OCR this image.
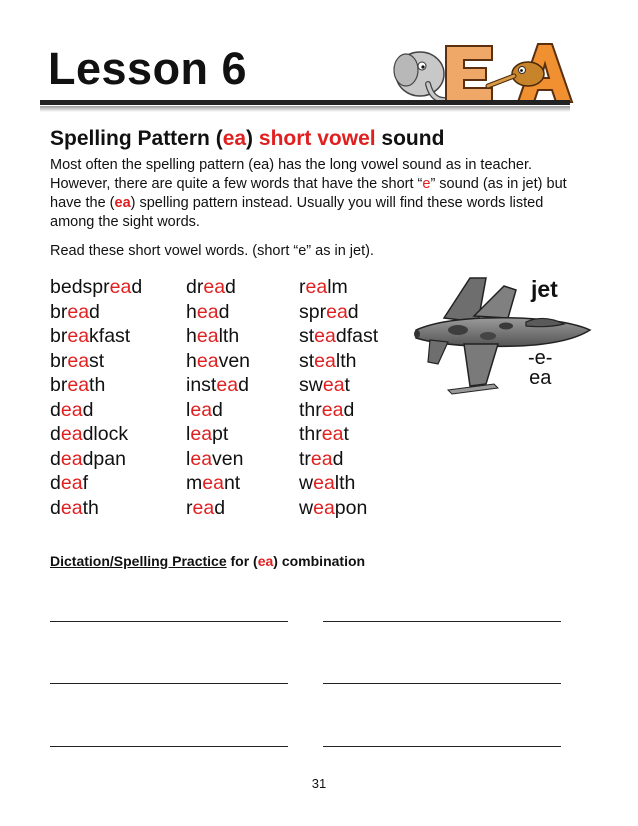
Lesson 6	E
Spelling Pattern (ea) short vowel sound
Most often the spelling pattern (ea) has the long vowel sound as in teacher. However, there are quite a few words that have the short “e” sound (as in jet) but have the (ea) spelling pattern instead. Usually you will find these words listed among the sight words.
Read these short vowel words. (short “e” as in jet).
bedspread
bread
breakfast
breast
breath
dead
deadlock
deadpan
deaf
death
dread
head
health
heaven
instead
lead
leapt
leaven
meant
read
realm
spread
steadfast
stealth
sweat
thread
threat
tread
wealth
weapon
jet
-e-
ea
Dictation/Spelling Practice for (ea) combination
31
